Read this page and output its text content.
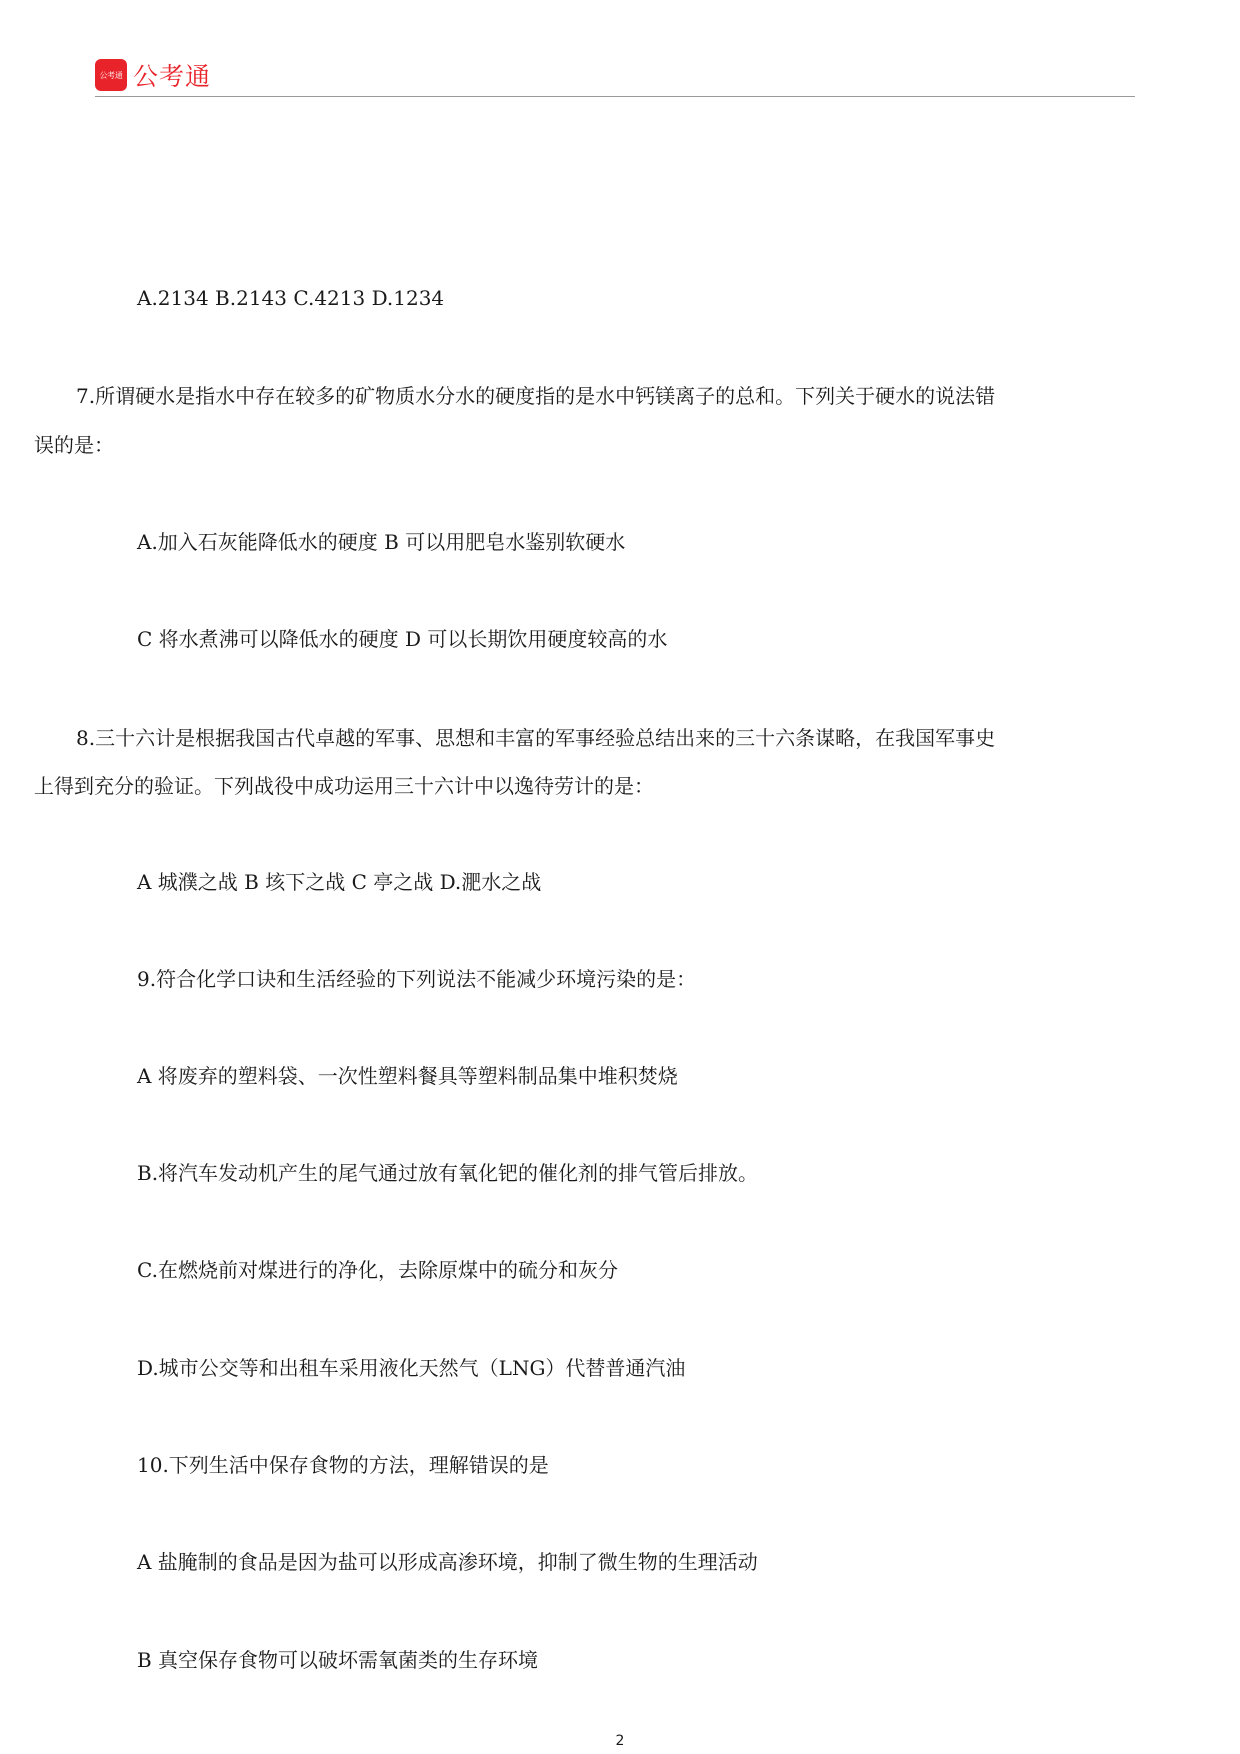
公考通 公考通
A.2134 B.2143 C.4213 D.1234
7.所谓硬水是指水中存在较多的矿物质水分水的硬度指的是水中钙镁离子的总和。下列关于硬水的说法错
误的是：
A.加入石灰能降低水的硬度 B 可以用肥皂水鉴别软硬水
C 将水煮沸可以降低水的硬度 D 可以长期饮用硬度较高的水
8.三十六计是根据我国古代卓越的军事、思想和丰富的军事经验总结出来的三十六条谋略，在我国军事史
上得到充分的验证。下列战役中成功运用三十六计中以逸待劳计的是：
A 城濮之战 B 垓下之战 C 亭之战 D.淝水之战
9.符合化学口诀和生活经验的下列说法不能减少环境污染的是：
A 将废弃的塑料袋、一次性塑料餐具等塑料制品集中堆积焚烧
B.将汽车发动机产生的尾气通过放有氧化钯的催化剂的排气管后排放。
C.在燃烧前对煤进行的净化，去除原煤中的硫分和灰分
D.城市公交等和出租车采用液化天然气（LNG）代替普通汽油
10.下列生活中保存食物的方法，理解错误的是
A 盐腌制的食品是因为盐可以形成高渗环境，抑制了微生物的生理活动
B 真空保存食物可以破坏需氧菌类的生存环境
2
